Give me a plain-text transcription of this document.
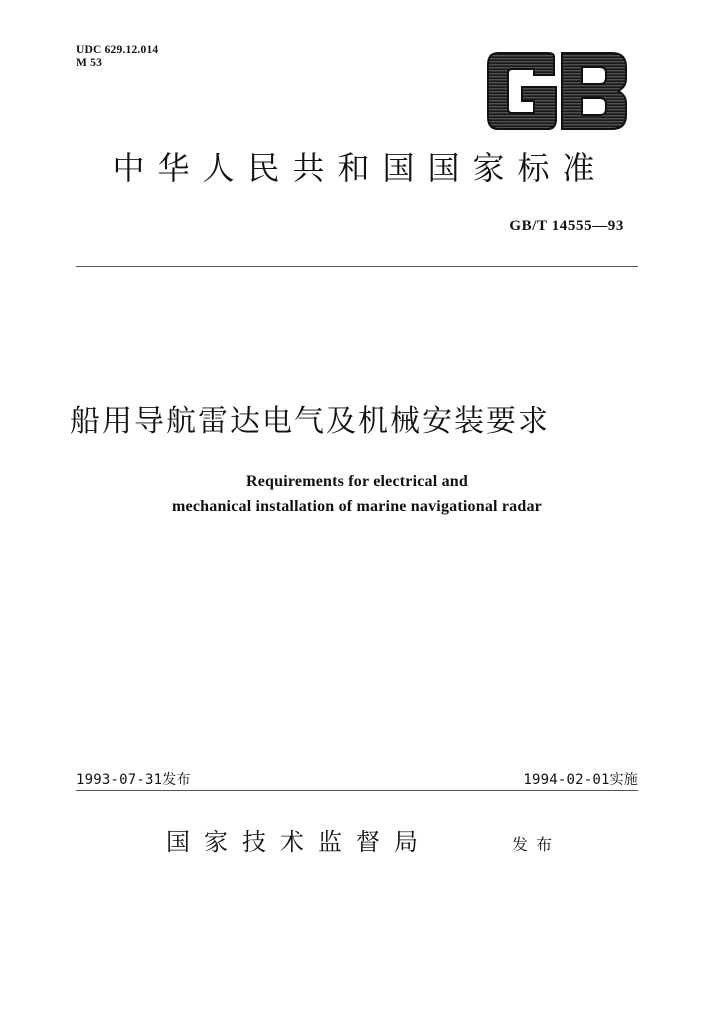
UDC 629.12.014
M 53
GB
中华人民共和国国家标准
GB/T 14555—93
船用导航雷达电气及机械安装要求
Requirements for electrical and
mechanical installation of marine navigational radar
1993-07-31发布	1994-02-01实施
国家技术监督局	发布
